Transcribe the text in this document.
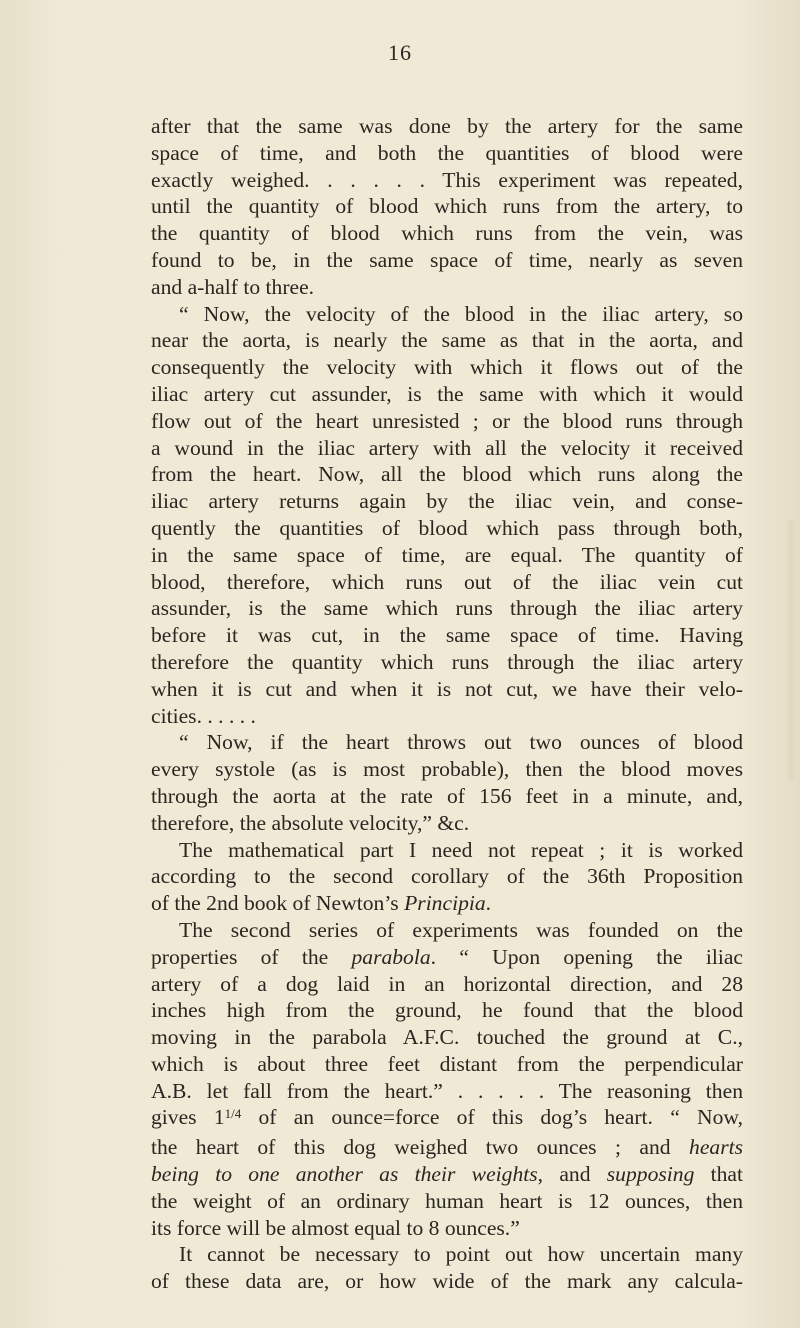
16
after that the same was done by the artery for the same
space of time, and both the quantities of blood were
exactly weighed. . . . . . This experiment was repeated,
until the quantity of blood which runs from the artery, to
the quantity of blood which runs from the vein, was
found to be, in the same space of time, nearly as seven
and a-half to three.
“ Now, the velocity of the blood in the iliac artery, so
near the aorta, is nearly the same as that in the aorta, and
consequently the velocity with which it flows out of the
iliac artery cut assunder, is the same with which it would
flow out of the heart unresisted ; or the blood runs through
a wound in the iliac artery with all the velocity it received
from the heart. Now, all the blood which runs along the
iliac artery returns again by the iliac vein, and conse-
quently the quantities of blood which pass through both,
in the same space of time, are equal. The quantity of
blood, therefore, which runs out of the iliac vein cut
assunder, is the same which runs through the iliac artery
before it was cut, in the same space of time. Having
therefore the quantity which runs through the iliac artery
when it is cut and when it is not cut, we have their velo-
cities. . . . . .
“ Now, if the heart throws out two ounces of blood
every systole (as is most probable), then the blood moves
through the aorta at the rate of 156 feet in a minute, and,
therefore, the absolute velocity,” &c.
The mathematical part I need not repeat ; it is worked
according to the second corollary of the 36th Proposition
of the 2nd book of Newton’s Principia.
The second series of experiments was founded on the
properties of the parabola. “ Upon opening the iliac
artery of a dog laid in an horizontal direction, and 28
inches high from the ground, he found that the blood
moving in the parabola A.F.C. touched the ground at C.,
which is about three feet distant from the perpendicular
A.B. let fall from the heart.” . . . . . The reasoning then
gives $1^{1/4}$ of an ounce=force of this dog’s heart. “ Now,
the heart of this dog weighed two ounces ; and hearts
being to one another as their weights, and supposing that
the weight of an ordinary human heart is 12 ounces, then
its force will be almost equal to 8 ounces.”
It cannot be necessary to point out how uncertain many
of these data are, or how wide of the mark any calcula-
